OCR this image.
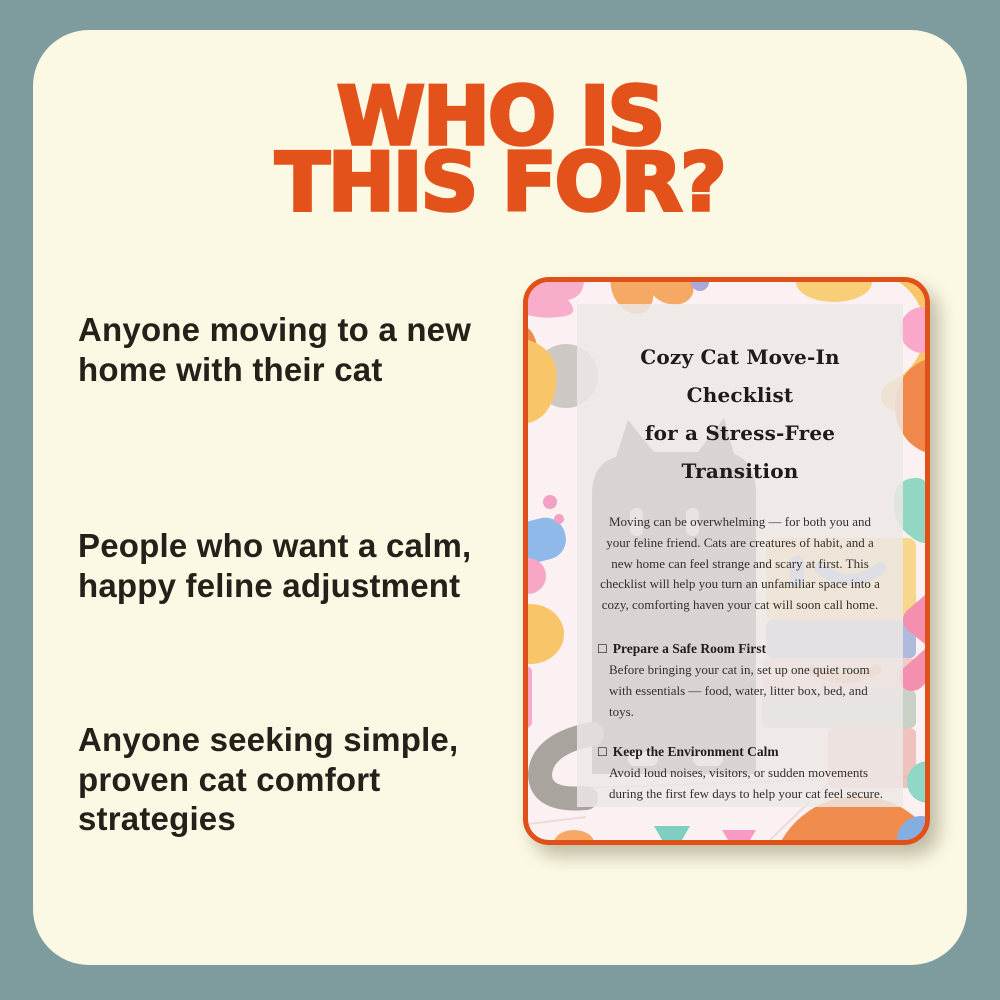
WHO IS
THIS FOR?
Anyone moving to a new home with their cat
People who want a calm, happy feline adjustment
Anyone seeking simple, proven cat comfort strategies
Cozy Cat Move-In Checklist
for a Stress-Free Transition

Moving can be overwhelming — for both you and your feline friend. Cats are creatures of habit, and a new home can feel strange and scary at first. This checklist will help you turn an unfamiliar space into a cozy, comforting haven your cat will soon call home.

☐ Prepare a Safe Room First

Before bringing your cat in, set up one quiet room with essentials — food, water, litter box, bed, and toys.

☐ Keep the Environment Calm

Avoid loud noises, visitors, or sudden movements during the first few days to help your cat feel secure.
